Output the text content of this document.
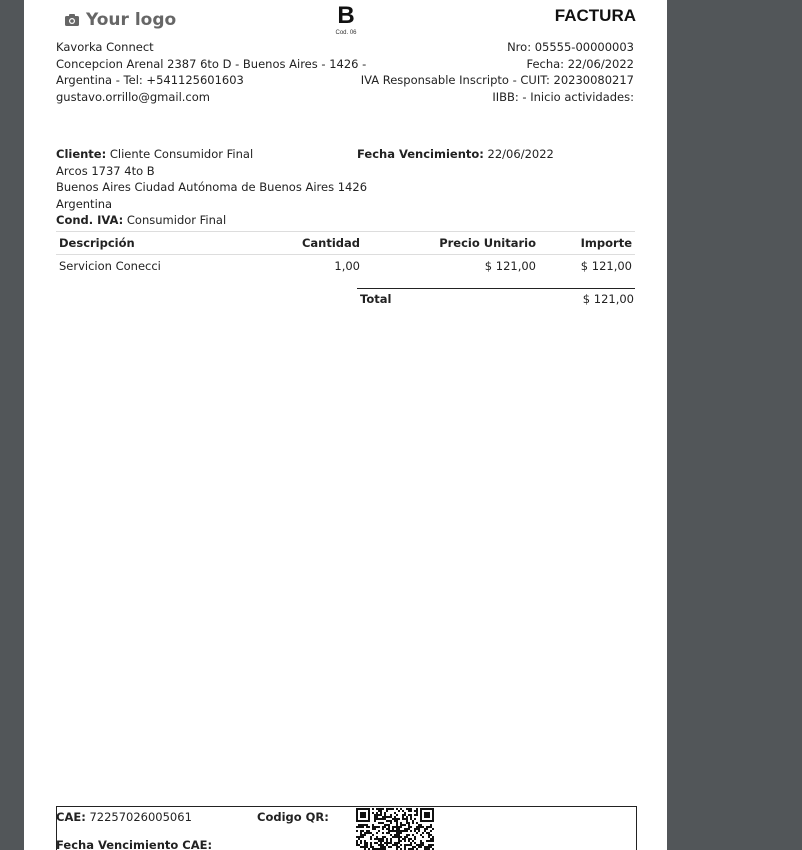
Your logo	B
Cod. 06
FACTURA
Kavorka Connect
Concepcion Arenal 2387 6to D - Buenos Aires - 1426 -
Argentina - Tel: +541125601603
gustavo.orrillo@gmail.com
Nro: 05555-00000003
Fecha: 22/06/2022
IVA Responsable Inscripto - CUIT: 20230080217
IIBB: - Inicio actividades:
Cliente: Cliente Consumidor Final
Arcos 1737 4to B
Buenos Aires Ciudad Autónoma de Buenos Aires 1426
Argentina
Cond. IVA: Consumidor Final
Fecha Vencimiento: 22/06/2022
Descripción	Cantidad	Precio Unitario	Importe
Servicion Conecci	1,00	$ 121,00	$ 121,00
Total	$ 121,00
CAE: 72257026005061	Codigo QR:
Fecha Vencimiento CAE:
